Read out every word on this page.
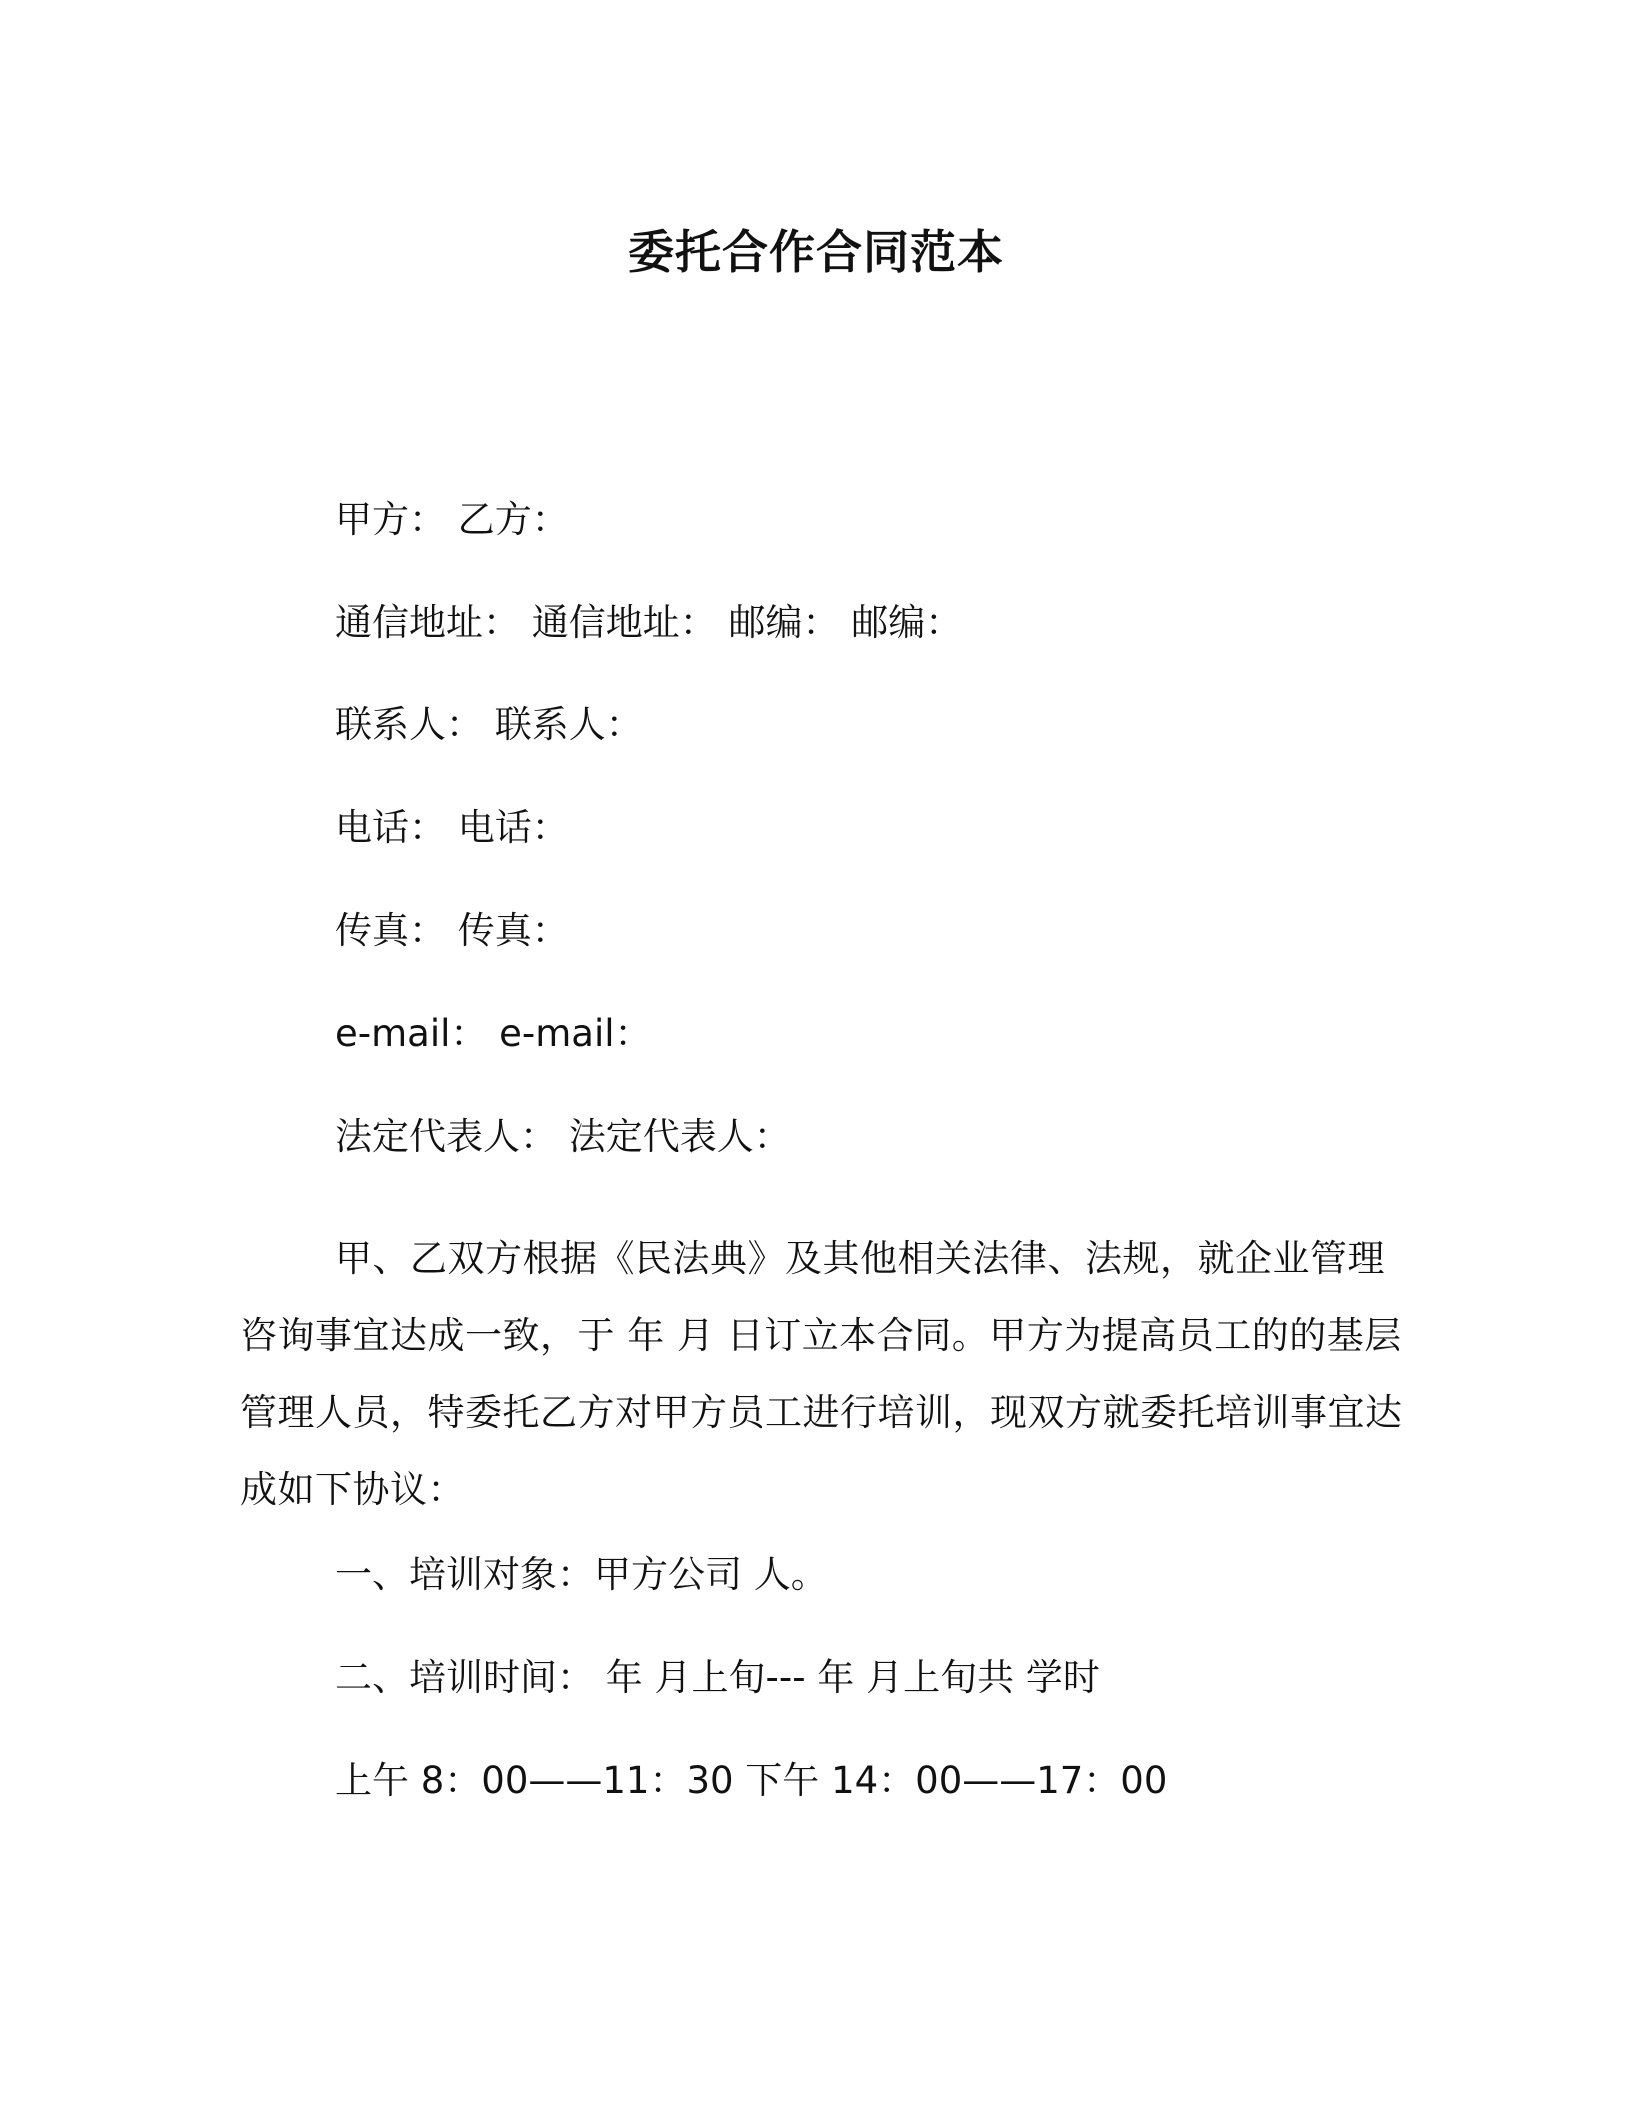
委托合作合同范本
甲方： 乙方：
通信地址： 通信地址： 邮编： 邮编：
联系人： 联系人：
电话： 电话：
传真： 传真：
e-mail： e-mail：
法定代表人： 法定代表人：
甲、乙双方根据《民法典》及其他相关法律、法规，就企业管理咨询事宜达成一致，于 年 月 日订立本合同。甲方为提高员工的的基层管理人员，特委托乙方对甲方员工进行培训，现双方就委托培训事宜达成如下协议：
一、培训对象：甲方公司 人。
二、培训时间： 年 月上旬--- 年 月上旬共 学时
上午 8：00——11：30 下午 14：00——17：00
